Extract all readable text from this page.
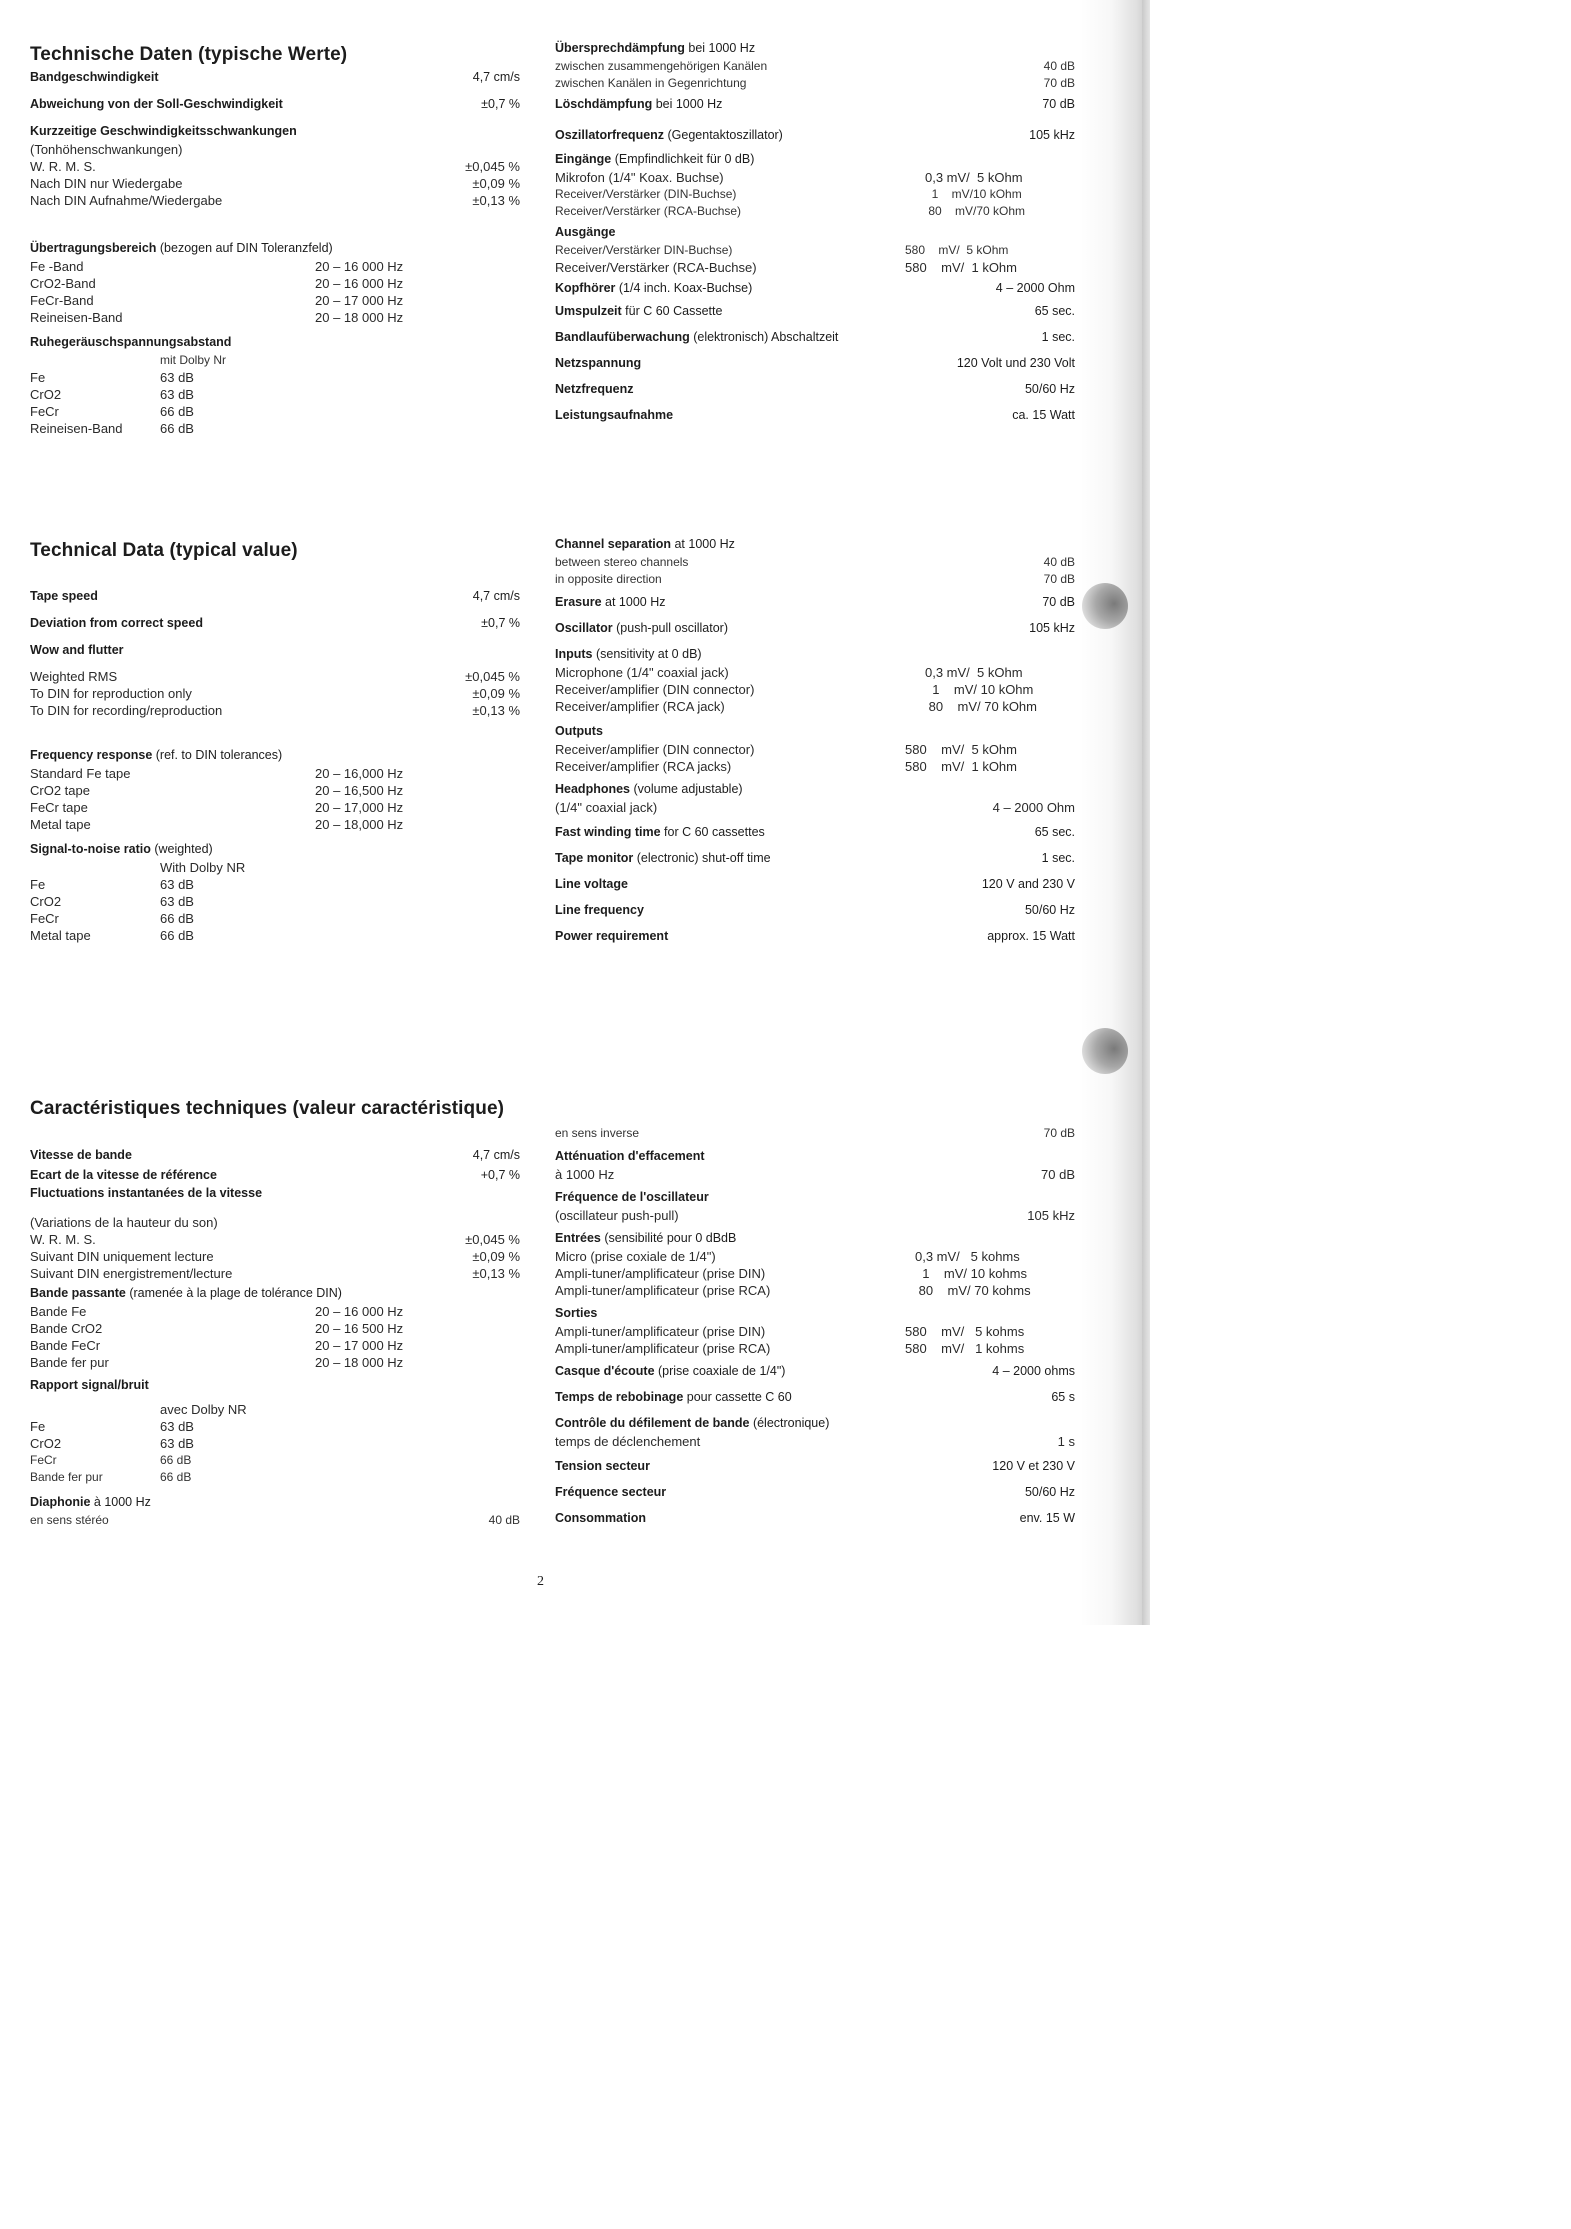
Technische Daten (typische Werte)
Bandgeschwindigkeit	4,7 cm/s
Abweichung von der Soll-Geschwindigkeit	±0,7 %
Kurzzeitige Geschwindigkeitsschwankungen
(Tonhöhenschwankungen)
W. R. M. S.	±0,045 %
Nach DIN nur Wiedergabe	±0,09 %
Nach DIN Aufnahme/Wiedergabe	±0,13 %
Übertragungsbereich (bezogen auf DIN Toleranzfeld)
Fe -Band	20 – 16 000 Hz
CrO2-Band	20 – 16 000 Hz
FeCr-Band	20 – 17 000 Hz
Reineisen-Band	20 – 18 000 Hz
Ruhegeräuschspannungsabstand
mit Dolby Nr
Fe	63 dB
CrO2	63 dB
FeCr	66 dB
Reineisen-Band	66 dB
Übersprechdämpfung bei 1000 Hz
zwischen zusammengehörigen Kanälen	40 dB
zwischen Kanälen in Gegenrichtung	70 dB
Löschdämpfung bei 1000 Hz	70 dB
Oszillatorfrequenz (Gegentaktoszillator)	105 kHz
Eingänge (Empfindlichkeit für 0 dB)
Mikrofon (1/4" Koax. Buchse)	0,3 mV/  5 kOhm
Receiver/Verstärker (DIN-Buchse)	1    mV/10 kOhm
Receiver/Verstärker (RCA-Buchse)	80    mV/70 kOhm
Ausgänge
Receiver/Verstärker DIN-Buchse)	580    mV/  5 kOhm
Receiver/Verstärker (RCA-Buchse)	580    mV/  1 kOhm
Kopfhörer (1/4 inch. Koax-Buchse)	4 – 2000 Ohm
Umspulzeit für C 60 Cassette	65 sec.
Bandlaufüberwachung (elektronisch) Abschaltzeit	1 sec.
Netzspannung	120 Volt und 230 Volt
Netzfrequenz	50/60 Hz
Leistungsaufnahme	ca. 15 Watt
Technical Data (typical value)
Tape speed	4,7 cm/s
Deviation from correct speed	±0,7 %
Wow and flutter
Weighted RMS	±0,045 %
To DIN for reproduction only	±0,09 %
To DIN for recording/reproduction	±0,13 %
Frequency response (ref. to DIN tolerances)
Standard Fe tape	20 – 16,000 Hz
CrO2 tape	20 – 16,500 Hz
FeCr tape	20 – 17,000 Hz
Metal tape	20 – 18,000 Hz
Signal-to-noise ratio (weighted)
With Dolby NR
Fe	63 dB
CrO2	63 dB
FeCr	66 dB
Metal tape	66 dB
Channel separation at 1000 Hz
between stereo channels	40 dB
in opposite direction	70 dB
Erasure at 1000 Hz	70 dB
Oscillator (push-pull oscillator)	105 kHz
Inputs (sensitivity at 0 dB)
Microphone (1/4" coaxial jack)	0,3 mV/  5 kOhm
Receiver/amplifier (DIN connector)	1    mV/ 10 kOhm
Receiver/amplifier (RCA jack)	80    mV/ 70 kOhm
Outputs
Receiver/amplifier (DIN connector)	580    mV/  5 kOhm
Receiver/amplifier (RCA jacks)	580    mV/  1 kOhm
Headphones (volume adjustable)
(1/4" coaxial jack)	4 – 2000 Ohm
Fast winding time for C 60 cassettes	65 sec.
Tape monitor (electronic) shut-off time	1 sec.
Line voltage	120 V and 230 V
Line frequency	50/60 Hz
Power requirement	approx. 15 Watt
Caractéristiques techniques (valeur caractéristique)
Vitesse de bande	4,7 cm/s
Ecart de la vitesse de référence	+0,7 %
Fluctuations instantanées de la vitesse
(Variations de la hauteur du son)
W. R. M. S.	±0,045 %
Suivant DIN uniquement lecture	±0,09 %
Suivant DIN energistrement/lecture	±0,13 %
Bande passante (ramenée à la plage de tolérance DIN)
Bande Fe	20 – 16 000 Hz
Bande CrO2	20 – 16 500 Hz
Bande FeCr	20 – 17 000 Hz
Bande fer pur	20 – 18 000 Hz
Rapport signal/bruit
avec Dolby NR
Fe	63 dB
CrO2	63 dB
FeCr	66 dB
Bande fer pur	66 dB
Diaphonie à 1000 Hz
en sens stéréo	40 dB
en sens inverse	70 dB
Atténuation d'effacement
à 1000 Hz	70 dB
Fréquence de l'oscillateur
(oscillateur push-pull)	105 kHz
Entrées (sensibilité pour 0 dBdB
Micro (prise coxiale de 1/4")	0,3 mV/   5 kohms
Ampli-tuner/amplificateur (prise DIN)	1    mV/ 10 kohms
Ampli-tuner/amplificateur (prise RCA)	80    mV/ 70 kohms
Sorties
Ampli-tuner/amplificateur (prise DIN)	580    mV/   5 kohms
Ampli-tuner/amplificateur (prise RCA)	580    mV/   1 kohms
Casque d'écoute (prise coaxiale de 1/4")	4 – 2000 ohms
Temps de rebobinage pour cassette C 60	65 s
Contrôle du défilement de bande (électronique)
temps de déclenchement	1 s
Tension secteur	120 V et 230 V
Fréquence secteur	50/60 Hz
Consommation	env. 15 W
2
